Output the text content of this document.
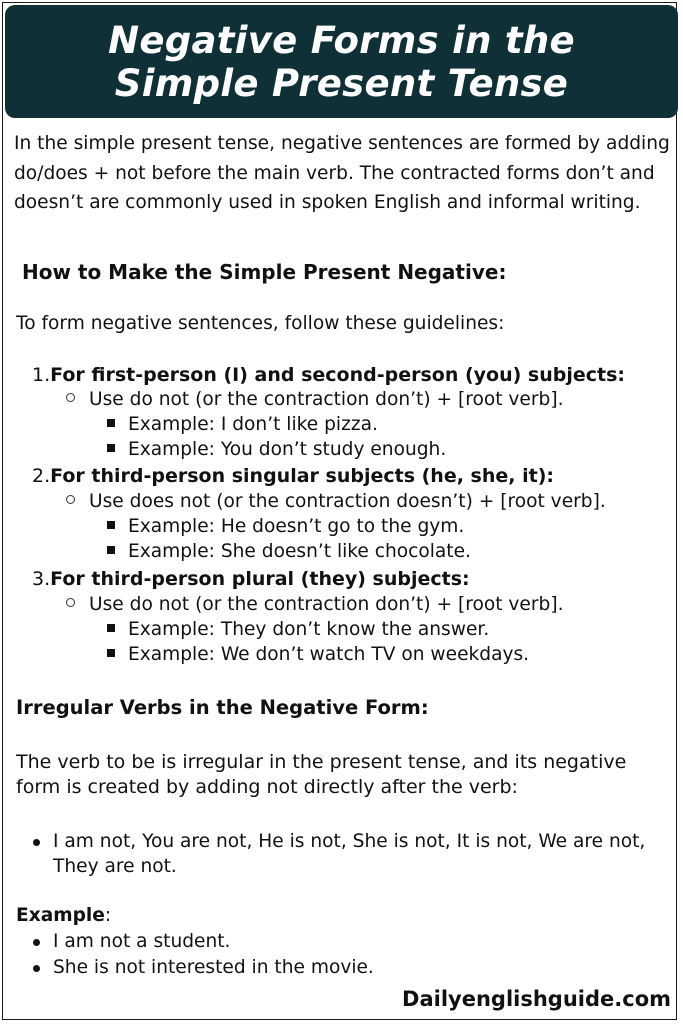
Negative Forms in the
Simple Present Tense

In the simple present tense, negative sentences are formed by adding do/does + not before the main verb. The contracted forms don’t and doesn’t are commonly used in spoken English and informal writing.

How to Make the Simple Present Negative:

To form negative sentences, follow these guidelines:

1.For first-person (I) and second-person (you) subjects:
Use do not (or the contraction don’t) + [root verb].
Example: I don’t like pizza.
Example: You don’t study enough.
2.For third-person singular subjects (he, she, it):
Use does not (or the contraction doesn’t) + [root verb].
Example: He doesn’t go to the gym.
Example: She doesn’t like chocolate.
3.For third-person plural (they) subjects:
Use do not (or the contraction don’t) + [root verb].
Example: They don’t know the answer.
Example: We don’t watch TV on weekdays.
Irregular Verbs in the Negative Form:

The verb to be is irregular in the present tense, and its negative form is created by adding not directly after the verb:

I am not, You are not, He is not, She is not, It is not, We are not, They are not.
Example:
I am not a student.
She is not interested in the movie.
Dailyenglishguide.com
